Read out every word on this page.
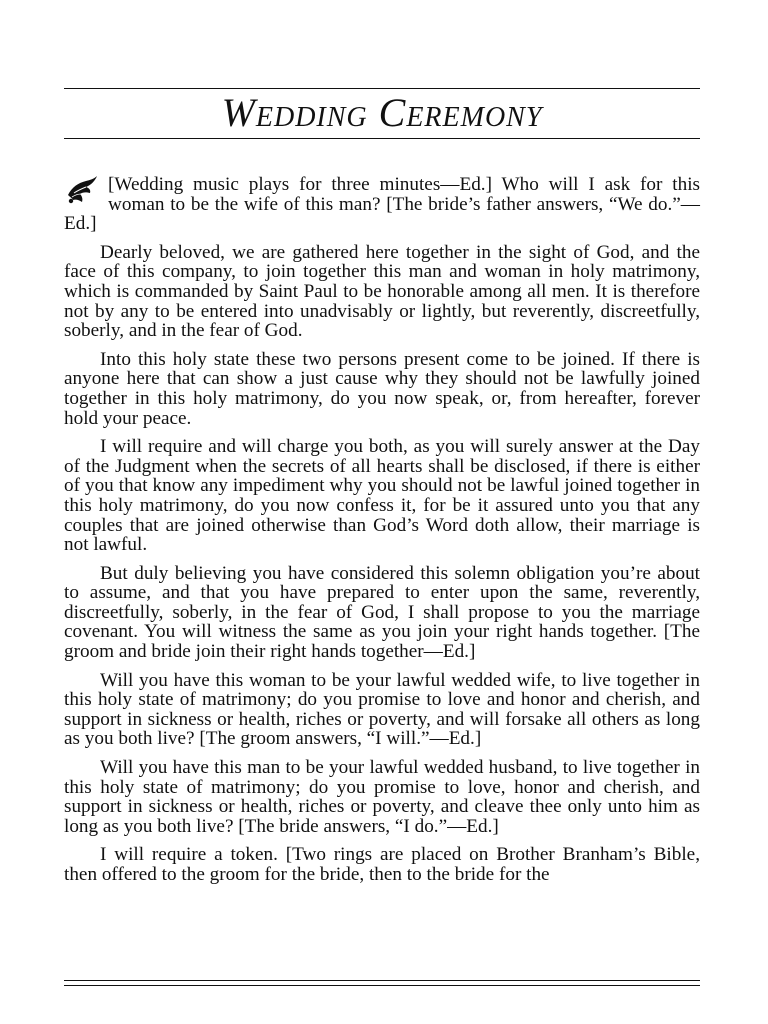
Wedding Ceremony

[Wedding music plays for three minutes—Ed.] Who will I ask for this woman to be the wife of this man? [The bride’s father answers, “We do.”—Ed.]

Dearly beloved, we are gathered here together in the sight of God, and the face of this company, to join together this man and woman in holy matrimony, which is commanded by Saint Paul to be honorable among all men. It is therefore not by any to be entered into unadvisably or lightly, but reverently, discreetfully, soberly, and in the fear of God.

Into this holy state these two persons present come to be joined. If there is anyone here that can show a just cause why they should not be lawfully joined together in this holy matrimony, do you now speak, or, from hereafter, forever hold your peace.

I will require and will charge you both, as you will surely answer at the Day of the Judgment when the secrets of all hearts shall be disclosed, if there is either of you that know any impediment why you should not be lawful joined together in this holy matrimony, do you now confess it, for be it assured unto you that any couples that are joined otherwise than God’s Word doth allow, their marriage is not lawful.

But duly believing you have considered this solemn obligation you’re about to assume, and that you have prepared to enter upon the same, reverently, discreetfully, soberly, in the fear of God, I shall propose to you the marriage covenant. You will witness the same as you join your right hands together. [The groom and bride join their right hands together—Ed.]

Will you have this woman to be your lawful wedded wife, to live together in this holy state of matrimony; do you promise to love and honor and cherish, and support in sickness or health, riches or poverty, and will forsake all others as long as you both live? [The groom answers, “I will.”—Ed.]

Will you have this man to be your lawful wedded husband, to live together in this holy state of matrimony; do you promise to love, honor and cherish, and support in sickness or health, riches or poverty, and cleave thee only unto him as long as you both live? [The bride answers, “I do.”—Ed.]

I will require a token. [Two rings are placed on Brother Branham’s Bible, then offered to the groom for the bride, then to the bride for the
